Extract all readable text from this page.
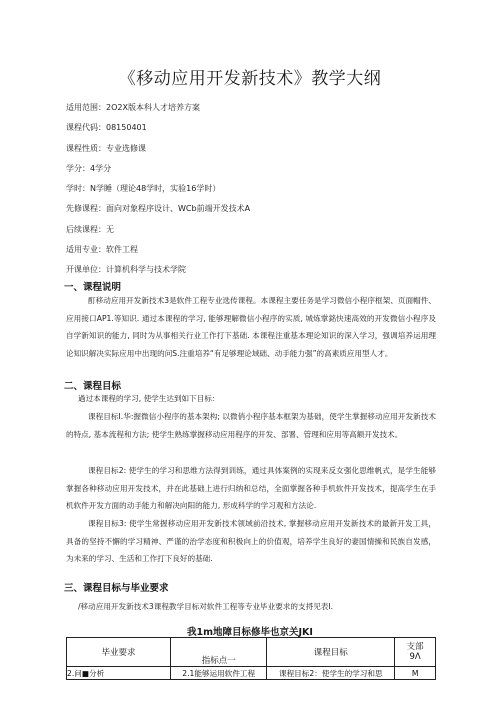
《移动应用开发新技术》教学大纲
适用范围：2O2X版本科人才培养方案
课程代码：08150401
课程性质：专业选修课
学分：4学分
学时：N学睡（理论48学时，实验16学时）
先修课程：面向对象程序设计、WCb前端开发技术A
后续课程：无
适用专业：软件工程
开课单位：计算机科学与技术学院
一、课程说明
酊移动应用开发新技术3是软件工程专业选传课程。本课程主要任务是学习微信小程序框架、页面帽件、应用接口AP1.等知识. 通过本课程的学习, 能够理解微信小程序的实质, 城炼掌銘快速高效的开发微信小程序及自学新知识的能力, 同时为从事相关行业工作打下基础. 本课程注重基本理论知识的深入学习，强调培养运用理论知识解决实际应用中出现的问S.注重培养“有足够理论域础、动手能力强”的高素质应用型人才。
二、课程目标
過过本课程的学习, 使学生达到如下目标：
课程目标I.华:握微信小程序的基本架构; 以微俏小程序基本框架为基础，使学生掌握移动应用开发新技术的特点, 基本流程和方法; 使学生熟练掌握移动应用程序的开发、部署、管理和应用等高额开发技术。
课程目标2: 使学生的学习和思维方法得到训练，通过具体案例的实现来反女强化思维帆式，是学生能够掌握各种移动应用开发技术，并在此基础上进行归纳和总结，全面掌握各种手机软件开发技术，提高学生在手机软件开发方面的动手能力和解决向阳的能力, 形成科学的学习观和方法论.
课程目标3: 使学生常握移动应用开发新技术领域前沿技术, 掌握移动应用开发新技术的最新开发工具，具备的坚持不懈的学习精神、严谨的治学态度和积极向上的价值观，培养学生良好的妻国情操和民族自发感，为未来的学习、生活和工作打下良好的基础.
三、课程目标与毕业要求
/移动应用开发新技术3课程教学目标对软件工程等专业毕业要求的支捋见表I.
我1m地障目标修毕也京关JKI
毕业要求	指标点一	课程目标	支部
9Λ
2.问■分析	2.1能够运用软件工程	课程目标2：使学生的学习和思	M
